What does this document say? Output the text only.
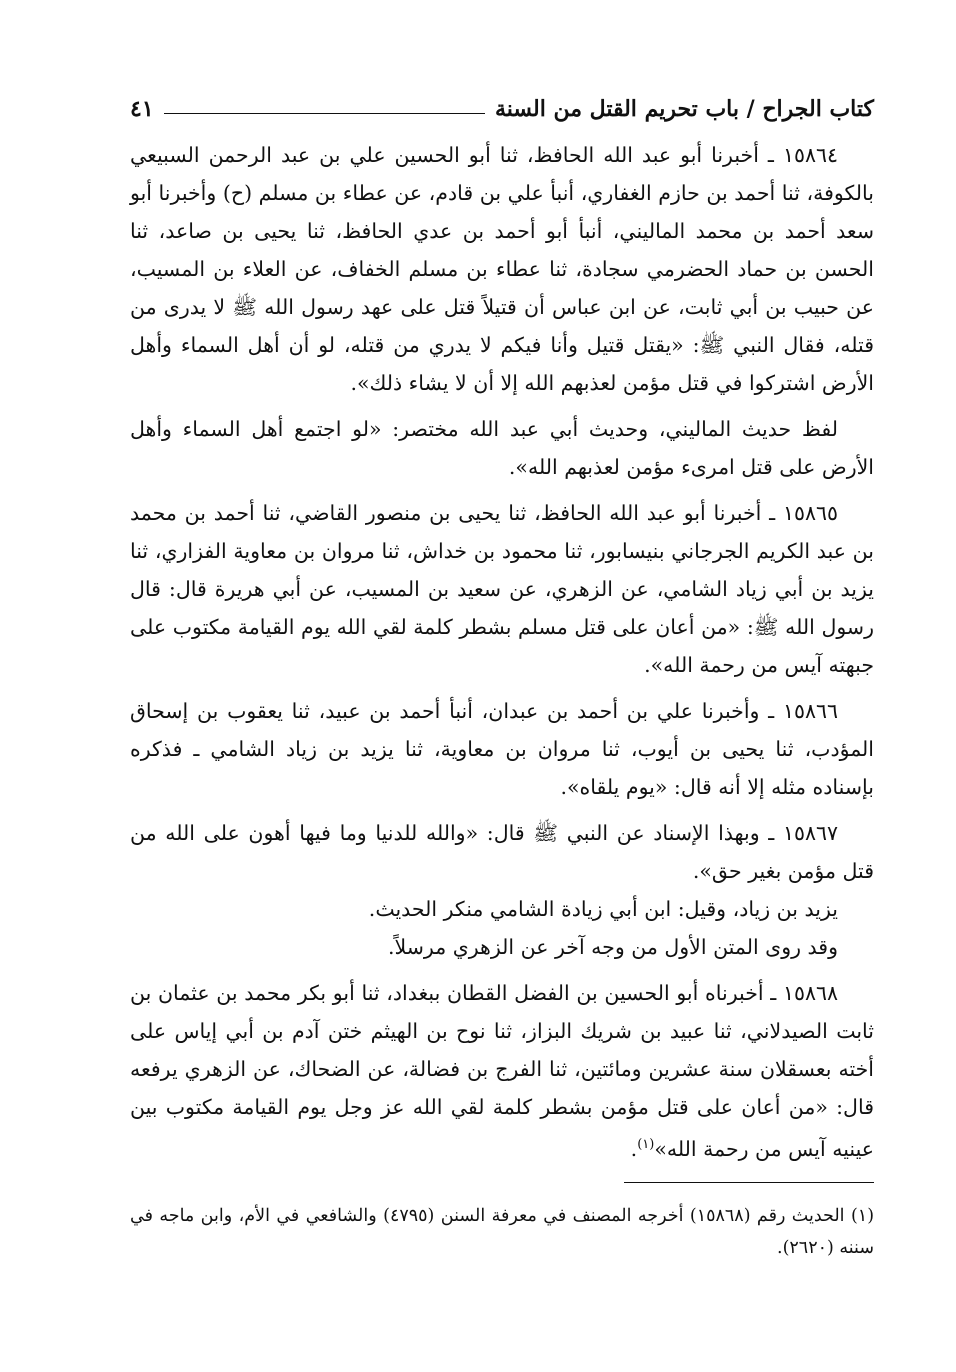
كتاب الجراح / باب تحريم القتل من السنة
٤١

١٥٨٦٤ ـ أخبرنا أبو عبد الله الحافظ، ثنا أبو الحسين علي بن عبد الرحمن السبيعي بالكوفة، ثنا أحمد بن حازم الغفاري، أنبأ علي بن قادم، عن عطاء بن مسلم (ح) وأخبرنا أبو سعد أحمد بن محمد الماليني، أنبأ أبو أحمد بن عدي الحافظ، ثنا يحيى بن صاعد، ثنا الحسن بن حماد الحضرمي سجادة، ثنا عطاء بن مسلم الخفاف، عن العلاء بن المسيب، عن حبيب بن أبي ثابت، عن ابن عباس أن قتيلاً قتل على عهد رسول الله ﷺ لا يدرى من قتله، فقال النبي ﷺ: «يقتل قتيل وأنا فيكم لا يدري من قتله، لو أن أهل السماء وأهل الأرض اشتركوا في قتل مؤمن لعذبهم الله إلا أن لا يشاء ذلك».

لفظ حديث الماليني، وحديث أبي عبد الله مختصر: «لو اجتمع أهل السماء وأهل الأرض على قتل امرىء مؤمن لعذبهم الله».

١٥٨٦٥ ـ أخبرنا أبو عبد الله الحافظ، ثنا يحيى بن منصور القاضي، ثنا أحمد بن محمد بن عبد الكريم الجرجاني بنيسابور، ثنا محمود بن خداش، ثنا مروان بن معاوية الفزاري، ثنا يزيد بن أبي زياد الشامي، عن الزهري، عن سعيد بن المسيب، عن أبي هريرة قال: قال رسول الله ﷺ: «من أعان على قتل مسلم بشطر كلمة لقي الله يوم القيامة مكتوب على جبهته آيس من رحمة الله».

١٥٨٦٦ ـ وأخبرنا علي بن أحمد بن عبدان، أنبأ أحمد بن عبيد، ثنا يعقوب بن إسحاق المؤدب، ثنا يحيى بن أيوب، ثنا مروان بن معاوية، ثنا يزيد بن زياد الشامي ـ فذكره بإسناده مثله إلا أنه قال: «يوم يلقاه».

١٥٨٦٧ ـ وبهذا الإسناد عن النبي ﷺ قال: «والله للدنيا وما فيها أهون على الله من قتل مؤمن بغير حق».

يزيد بن زياد، وقيل: ابن أبي زيادة الشامي منكر الحديث.

وقد روى المتن الأول من وجه آخر عن الزهري مرسلاً.

١٥٨٦٨ ـ أخبرناه أبو الحسين بن الفضل القطان ببغداد، ثنا أبو بكر محمد بن عثمان بن ثابت الصيدلاني، ثنا عبيد بن شريك البزاز، ثنا نوح بن الهيثم ختن آدم بن أبي إياس على أخته بعسقلان سنة عشرين ومائتين، ثنا الفرج بن فضالة، عن الضحاك، عن الزهري يرفعه قال: «من أعان على قتل مؤمن بشطر كلمة لقي الله عز وجل يوم القيامة مكتوب بين عينيه آيس من رحمة الله»$^{(١)}$.

(١) الحديث رقم (١٥٨٦٨) أخرجه المصنف في معرفة السنن (٤٧٩٥) والشافعي في الأم، وابن ماجه في سننه (٢٦٢٠).
